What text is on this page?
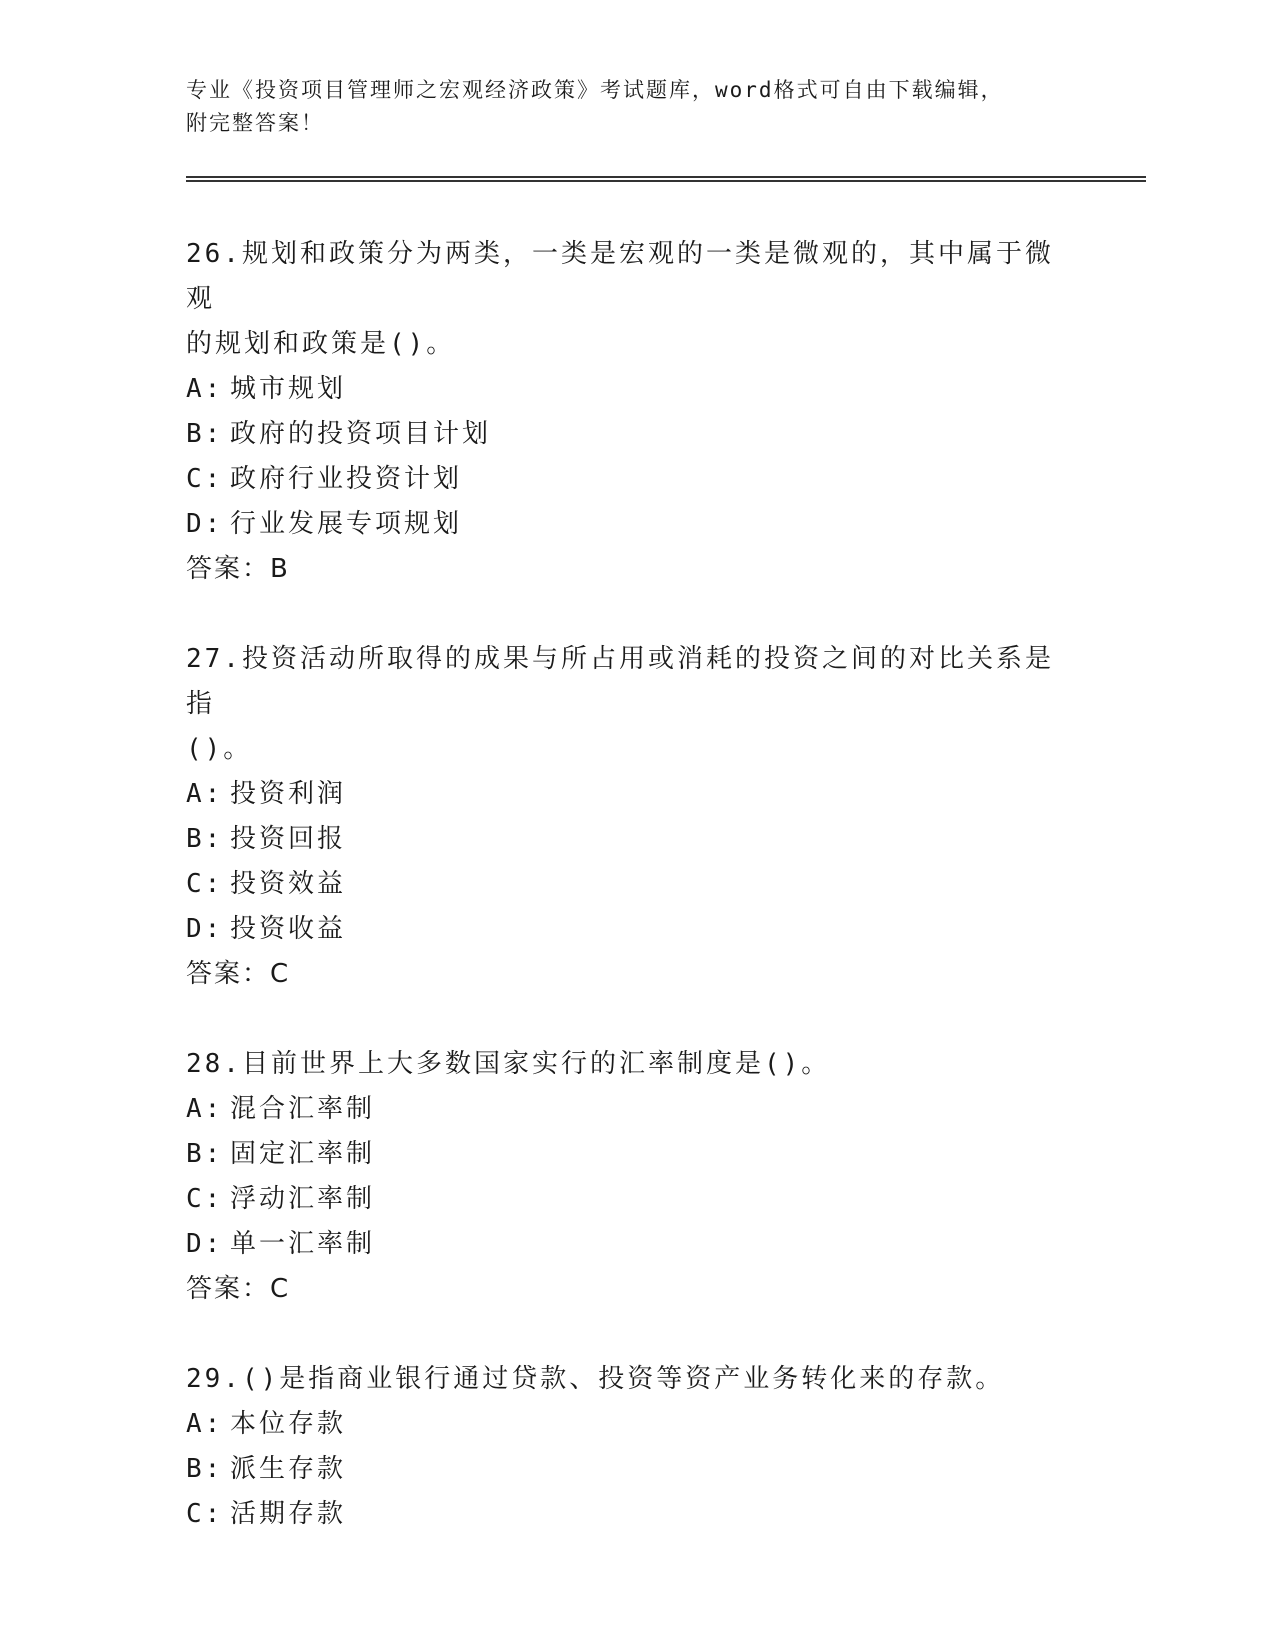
专业《投资项目管理师之宏观经济政策》考试题库，word格式可自由下载编辑，
附完整答案！

26.规划和政策分为两类，一类是宏观的一类是微观的，其中属于微观
的规划和政策是()。

A: 城市规划

B: 政府的投资项目计划

C: 政府行业投资计划

D: 行业发展专项规划

答案：B

27.投资活动所取得的成果与所占用或消耗的投资之间的对比关系是指
()。

A: 投资利润

B: 投资回报

C: 投资效益

D: 投资收益

答案：C

28.目前世界上大多数国家实行的汇率制度是()。

A: 混合汇率制

B: 固定汇率制

C: 浮动汇率制

D: 单一汇率制

答案：C

29.()是指商业银行通过贷款、投资等资产业务转化来的存款。

A: 本位存款

B: 派生存款

C: 活期存款
